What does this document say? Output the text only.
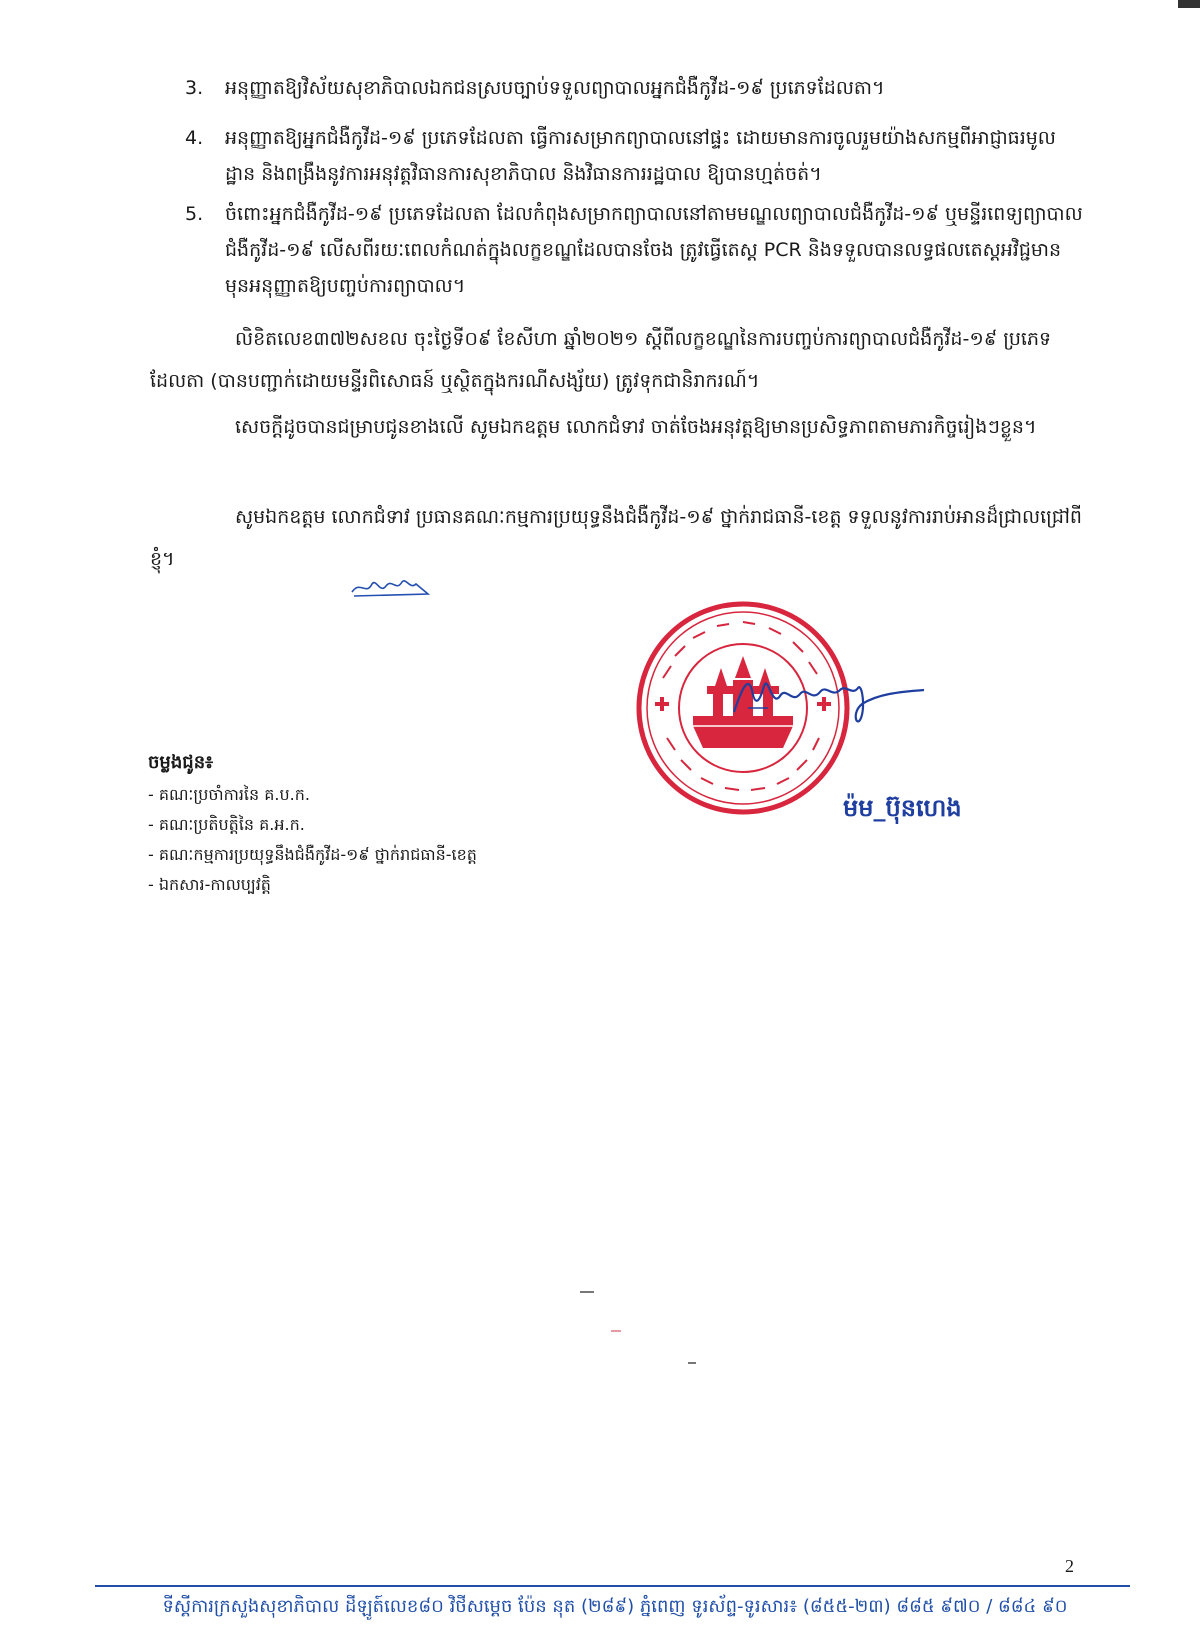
3.	អនុញ្ញាតឱ្យវិស័យសុខាភិបាលឯកជនស្របច្បាប់ទទួលព្យាបាលអ្នកជំងឺកូវីដ-១៩ ប្រភេទដែលតា។
4.	អនុញ្ញាតឱ្យអ្នកជំងឺកូវីដ-១៩ ប្រភេទដែលតា ធ្វើការសម្រាកព្យាបាលនៅផ្ទះ ដោយមានការចូលរួមយ៉ាងសកម្មពីអាជ្ញាធរមូលដ្ឋាន និងពង្រឹងនូវការអនុវត្តវិធានការសុខាភិបាល និងវិធានការរដ្ឋបាល ឱ្យបានហ្មត់ចត់។
5.	ចំពោះអ្នកជំងឺកូវីដ-១៩ ប្រភេទដែលតា ដែលកំពុងសម្រាកព្យាបាលនៅតាមមណ្ឌលព្យាបាលជំងឺកូវីដ-១៩ ឬមន្ទីរពេទ្យព្យាបាលជំងឺកូវីដ-១៩ លើសពីរយៈពេលកំណត់ក្នុងលក្ខខណ្ឌដែលបានចែង ត្រូវធ្វើតេស្ត PCR និងទទួលបានលទ្ធផលតេស្តអវិជ្ជមាន មុនអនុញ្ញាតឱ្យបញ្ចប់ការព្យាបាល។
លិខិតលេខ៣៧២សខល ចុះថ្ងៃទី០៩ ខែសីហា ឆ្នាំ២០២១ ស្តីពីលក្ខខណ្ឌនៃការបញ្ចប់ការព្យាបាលជំងឺកូវីដ-១៩ ប្រភេទដែលតា (បានបញ្ជាក់ដោយមន្ទីរពិសោធន៍ ឬស្ថិតក្នុងករណីសង្ស័យ) ត្រូវទុកជានិរាករណ៍។
សេចក្តីដូចបានជម្រាបជូនខាងលើ សូមឯកឧត្តម លោកជំទាវ ចាត់ចែងអនុវត្តឱ្យមានប្រសិទ្ធភាពតាមភារកិច្ចរៀងៗខ្លួន។
សូមឯកឧត្តម លោកជំទាវ ប្រធានគណៈកម្មការប្រយុទ្ធនឹងជំងឺកូវីដ-១៩ ថ្នាក់រាជធានី-ខេត្ត ទទួលនូវការរាប់អានដ៏ជ្រាលជ្រៅពីខ្ញុំ។
ម៉ម_ប៊ុនហេង
ចម្លងជូន៖
- គណៈប្រចាំការនៃ គ.ប.ក.
- គណៈប្រតិបត្តិនៃ គ.អ.ក.
- គណៈកម្មការប្រយុទ្ធនឹងជំងឺកូវីដ-១៩ ថ្នាក់រាជធានី-ខេត្ត
- ឯកសារ-កាលប្បវត្តិ
2
ទីស្តីការក្រសួងសុខាភិបាល ដីឡូត៍លេខ៨០ វិថីសម្តេច ប៉ែន នុត (២៨៩) ភ្នំពេញ ទូរស័ព្ទ-ទូរសារ៖ (៨៥៥-២៣) ៨៨៥ ៩៧០ / ៨៨៤ ៩០
